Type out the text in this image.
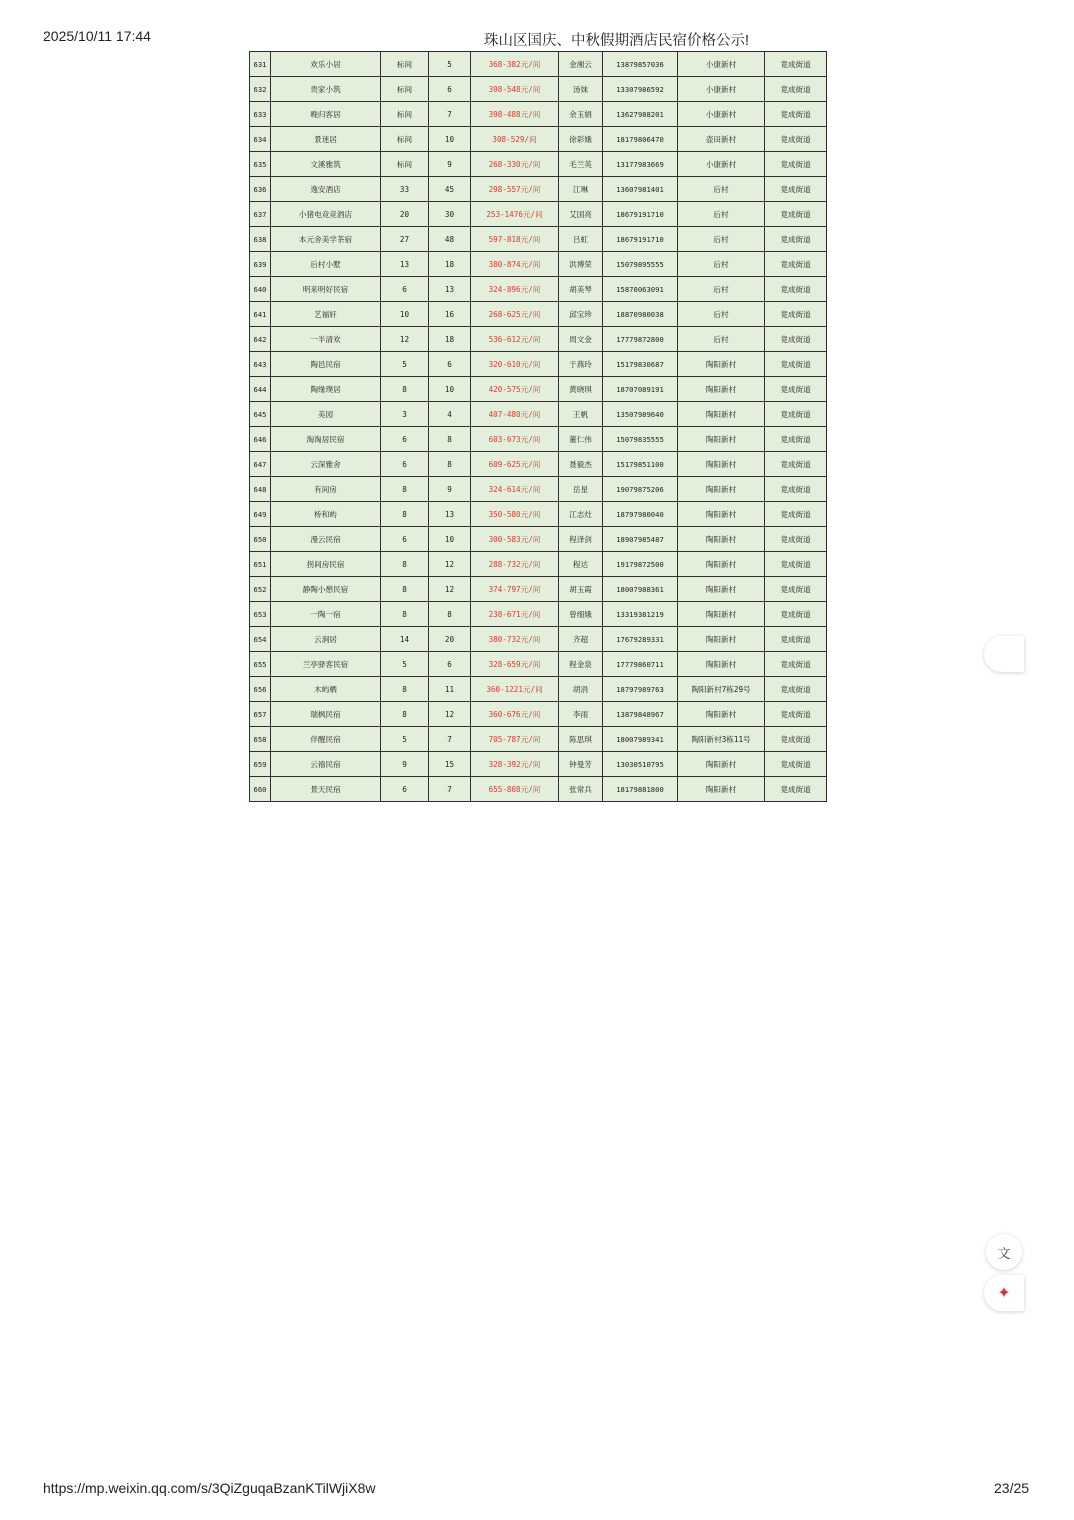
2025/10/11 17:44	珠山区国庆、中秋假期酒店民宿价格公示!
631	欢乐小居	标间	5	368-382元/间	金湘云	13879857036	小康新村	竟成街道
632	贵家小筑	标间	6	398-548元/间	汤妹	13307986592	小康新村	竟成街道
633	晚归客居	标间	7	398-488元/间	余玉娟	13627988201	小康新村	竟成街道
634	景迷居	标间	10	308-529/间	徐彩娥	18179806470	壶田新村	竟成街道
635	文溪雅筑	标间	9	268-330元/间	毛兰英	13177983669	小康新村	竟成街道
636	逸安酒店	33	45	298-557元/间	江琳	13607981401	后村	竟成街道
637	小猪电竞竞酒店	20	30	253-1476元/间	艾国亮	18679191710	后村	竟成街道
638	本元舍美学茶宿	27	48	597-818元/间	吕虹	18679191710	后村	竟成街道
639	后村小墅	13	18	380-874元/间	洪博荣	15079895555	后村	竟成街道
640	明来明好民宿	6	13	324-896元/间	胡美琴	15870063091	后村	竟成街道
641	艺福轩	10	16	268-625元/间	邱宝珍	18870980038	后村	竟成街道
642	一半清欢	12	18	536-612元/间	周文金	17779872800	后村	竟成街道
643	陶邑民宿	5	6	320-610元/间	于燕玲	15179830687	陶阳新村	竟成街道
644	陶缘璞居	8	10	420-575元/间	黄晓琪	18707089191	陶阳新村	竟成街道
645	美园	3	4	407-480元/间	王帆	13507989640	陶阳新村	竟成街道
646	淘淘居民宿	6	8	603-673元/间	董仁伟	15079835555	陶阳新村	竟成街道
647	云深雅舍	6	8	609-625元/间	聂毅杰	15179851100	陶阳新村	竟成街道
648	有间房	8	9	324-614元/间	岳星	19079875206	陶阳新村	竟成街道
649	桥和屿	8	13	350-580元/间	江志灶	18797980040	陶阳新村	竟成街道
650	漫云民宿	6	10	300-583元/间	程泽剑	18907985487	陶阳新村	竟成街道
651	拐间房民宿	8	12	288-732元/间	程达	19179872500	陶阳新村	竟成街道
652	静陶小憩民宿	8	12	374-797元/间	胡玉霞	18007988361	陶阳新村	竟成街道
653	一陶一宿	8	8	238-671元/间	曾细娥	13319381219	陶阳新村	竟成街道
654	云涧居	14	20	380-732元/间	齐超	17679289331	陶阳新村	竟成街道
655	兰亭驿客民宿	5	6	328-659元/间	程金泉	17779860711	陶阳新村	竟成街道
656	木屿栖	8	11	360-1221元/间	胡涓	18797989763	陶阳新村7栋29号	竟成街道
657	瑞枫民宿	8	12	360-676元/间	李雨	13879848967	陶阳新村	竟成街道
658	伴醒民宿	5	7	705-787元/间	陈思琪	18007989341	陶阳新村3栋11号	竟成街道
659	云禧民宿	9	15	328-392元/间	钟曼芳	13030510795	陶阳新村	竟成街道
660	景天民宿	6	7	655-808元/间	张常兵	18179881800	陶阳新村	竟成街道
https://mp.weixin.qq.com/s/3QiZguqaBzanKTilWjiX8w	23/25
文
✦
